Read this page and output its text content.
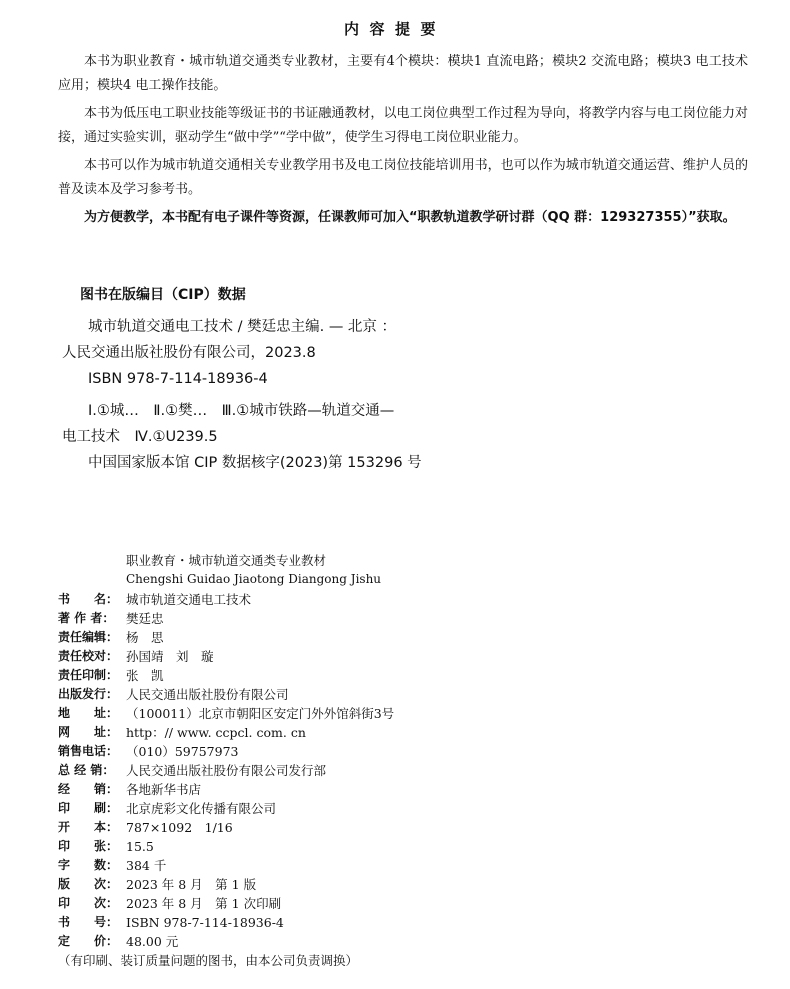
内容提要

本书为职业教育・城市轨道交通类专业教材，主要有4个模块：模块1 直流电路；模块2 交流电路；模块3 电工技术应用；模块4 电工操作技能。

本书为低压电工职业技能等级证书的书证融通教材，以电工岗位典型工作过程为导向，将教学内容与电工岗位能力对接，通过实验实训，驱动学生“做中学”“学中做”，使学生习得电工岗位职业能力。

本书可以作为城市轨道交通相关专业教学用书及电工岗位技能培训用书，也可以作为城市轨道交通运营、维护人员的普及读本及学习参考书。

为方便教学，本书配有电子课件等资源，任课教师可加入“职教轨道教学研讨群（QQ 群：129327355）”获取。

图书在版编目（CIP）数据
城市轨道交通电工技术 / 樊廷忠主编. — 北京 ：
人民交通出版社股份有限公司，2023.8
ISBN 978-7-114-18936-4
Ⅰ.①城…　Ⅱ.①樊…　Ⅲ.①城市铁路—轨道交通—
电工技术　Ⅳ.①U239.5
中国国家版本馆 CIP 数据核字(2023)第 153296 号
职业教育・城市轨道交通类专业教材
Chengshi Guidao Jiaotong Diangong Jishu
书　　名： 城市轨道交通电工技术
著 作 者： 樊廷忠
责任编辑： 杨　思
责任校对： 孙国靖　刘　璇
责任印制： 张　凯
出版发行： 人民交通出版社股份有限公司
地　　址： （100011）北京市朝阳区安定门外外馆斜街3号
网　　址： http：// www. ccpcl. com. cn
销售电话： （010）59757973
总 经 销： 人民交通出版社股份有限公司发行部
经　　销： 各地新华书店
印　　刷： 北京虎彩文化传播有限公司
开　　本： 787×1092　1/16
印　　张： 15.5
字　　数： 384 千
版　　次： 2023 年 8 月　第 1 版
印　　次： 2023 年 8 月　第 1 次印刷
书　　号： ISBN 978-7-114-18936-4
定　　价： 48.00 元
（有印刷、装订质量问题的图书，由本公司负责调换）
